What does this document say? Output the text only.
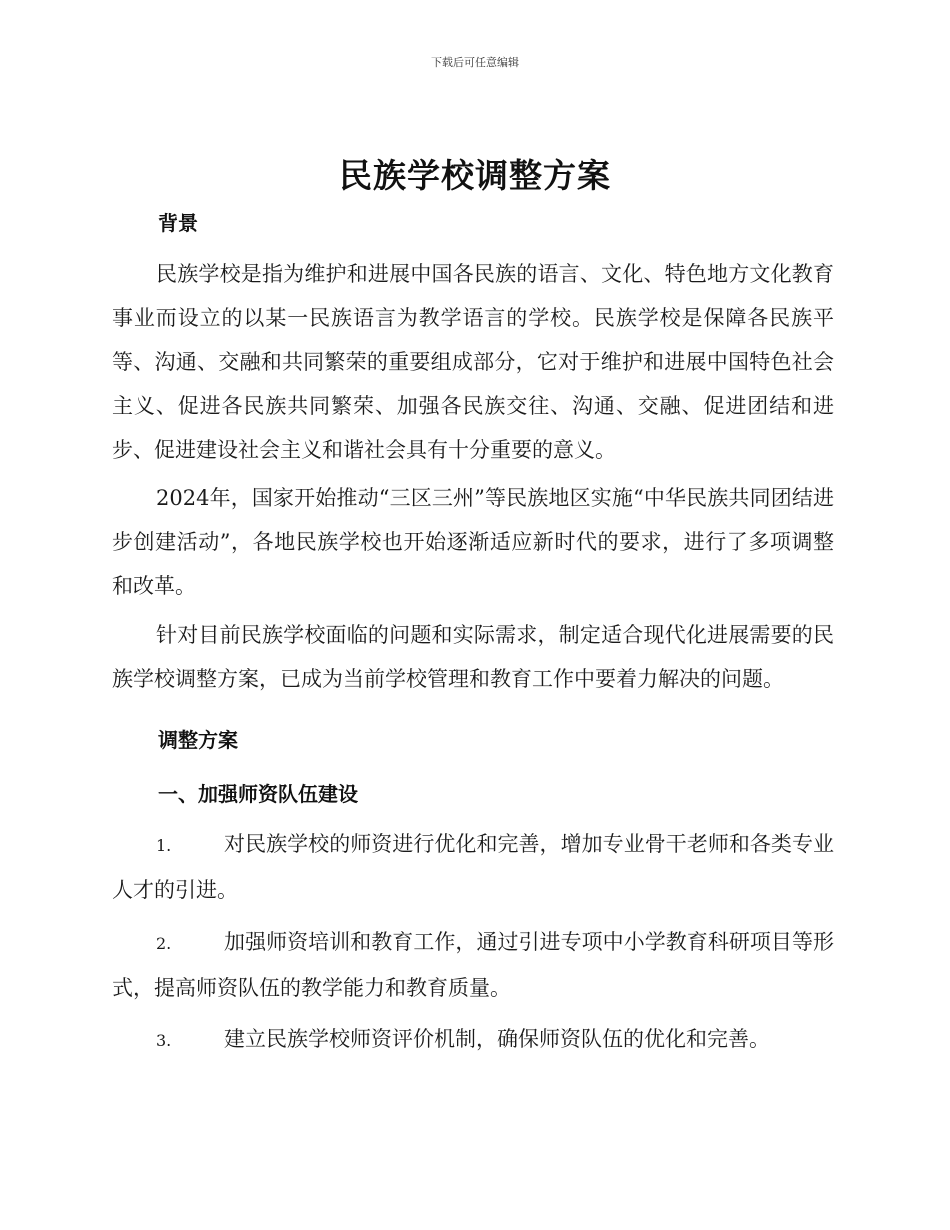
下载后可任意编辑
民族学校调整方案
背景

民族学校是指为维护和进展中国各民族的语言、文化、特色地方文化教育事业而设立的以某一民族语言为教学语言的学校。民族学校是保障各民族平等、沟通、交融和共同繁荣的重要组成部分，它对于维护和进展中国特色社会主义、促进各民族共同繁荣、加强各民族交往、沟通、交融、促进团结和进步、促进建设社会主义和谐社会具有十分重要的意义。

2024年，国家开始推动“三区三州”等民族地区实施“中华民族共同团结进步创建活动”，各地民族学校也开始逐渐适应新时代的要求，进行了多项调整和改革。

针对目前民族学校面临的问题和实际需求，制定适合现代化进展需要的民族学校调整方案，已成为当前学校管理和教育工作中要着力解决的问题。

调整方案
一、加强师资队伍建设

1.	对民族学校的师资进行优化和完善，增加专业骨干老师和各类专业人才的引进。

2.	加强师资培训和教育工作，通过引进专项中小学教育科研项目等形式，提高师资队伍的教学能力和教育质量。

3.	建立民族学校师资评价机制，确保师资队伍的优化和完善。
